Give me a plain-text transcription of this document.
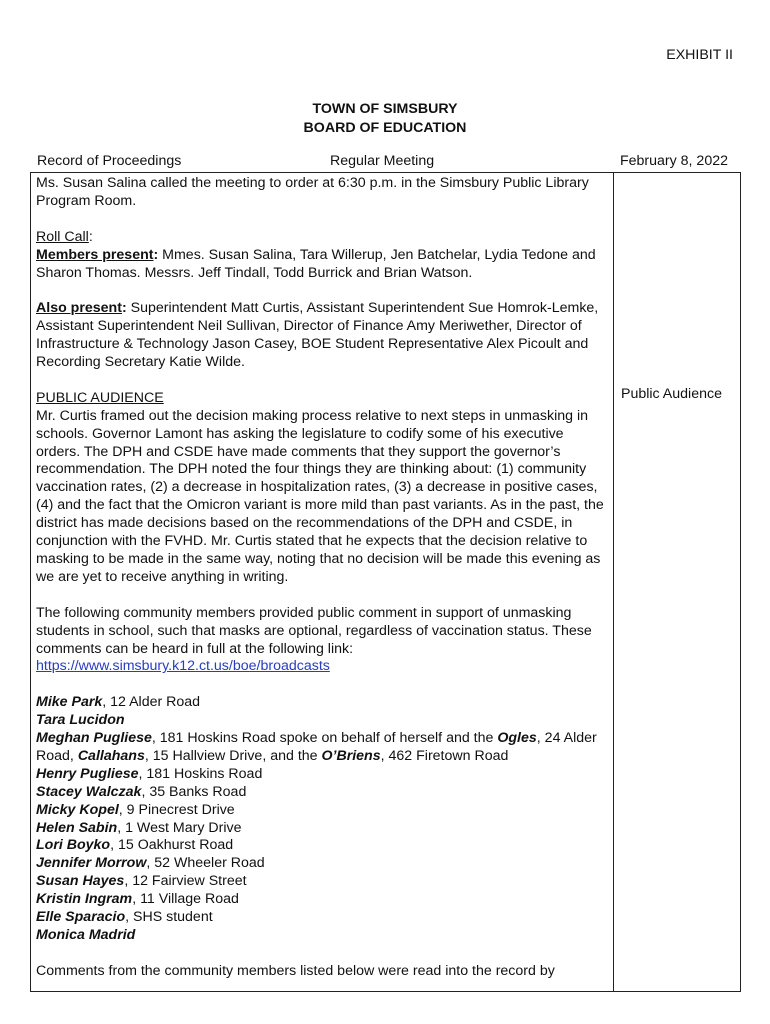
EXHIBIT II
TOWN OF SIMSBURY
BOARD OF EDUCATION
Record of Proceedings	Regular Meeting	February 8, 2022

Ms. Susan Salina called the meeting to order at 6:30 p.m. in the Simsbury Public Library Program Room.

Roll Call:

Members present: Mmes. Susan Salina, Tara Willerup, Jen Batchelar, Lydia Tedone and Sharon Thomas. Messrs. Jeff Tindall, Todd Burrick and Brian Watson.

Also present: Superintendent Matt Curtis, Assistant Superintendent Sue Homrok-Lemke, Assistant Superintendent Neil Sullivan, Director of Finance Amy Meriwether, Director of Infrastructure & Technology Jason Casey, BOE Student Representative Alex Picoult and Recording Secretary Katie Wilde.

PUBLIC AUDIENCE

Mr. Curtis framed out the decision making process relative to next steps in unmasking in schools. Governor Lamont has asking the legislature to codify some of his executive orders. The DPH and CSDE have made comments that they support the governor’s recommendation. The DPH noted the four things they are thinking about: (1) community vaccination rates, (2) a decrease in hospitalization rates, (3) a decrease in positive cases, (4) and the fact that the Omicron variant is more mild than past variants. As in the past, the district has made decisions based on the recommendations of the DPH and CSDE, in conjunction with the FVHD. Mr. Curtis stated that he expects that the decision relative to masking to be made in the same way, noting that no decision will be made this evening as we are yet to receive anything in writing.

The following community members provided public comment in support of unmasking students in school, such that masks are optional, regardless of vaccination status. These comments can be heard in full at the following link:
https://www.simsbury.k12.ct.us/boe/broadcasts

Mike Park, 12 Alder Road
Tara Lucidon
Meghan Pugliese, 181 Hoskins Road spoke on behalf of herself and the Ogles, 24 Alder Road, Callahans, 15 Hallview Drive, and the O’Briens, 462 Firetown Road
Henry Pugliese, 181 Hoskins Road
Stacey Walczak, 35 Banks Road
Micky Kopel, 9 Pinecrest Drive
Helen Sabin, 1 West Mary Drive
Lori Boyko, 15 Oakhurst Road
Jennifer Morrow, 52 Wheeler Road
Susan Hayes, 12 Fairview Street
Kristin Ingram, 11 Village Road
Elle Sparacio, SHS student
Monica Madrid

Comments from the community members listed below were read into the record by

Public Audience
